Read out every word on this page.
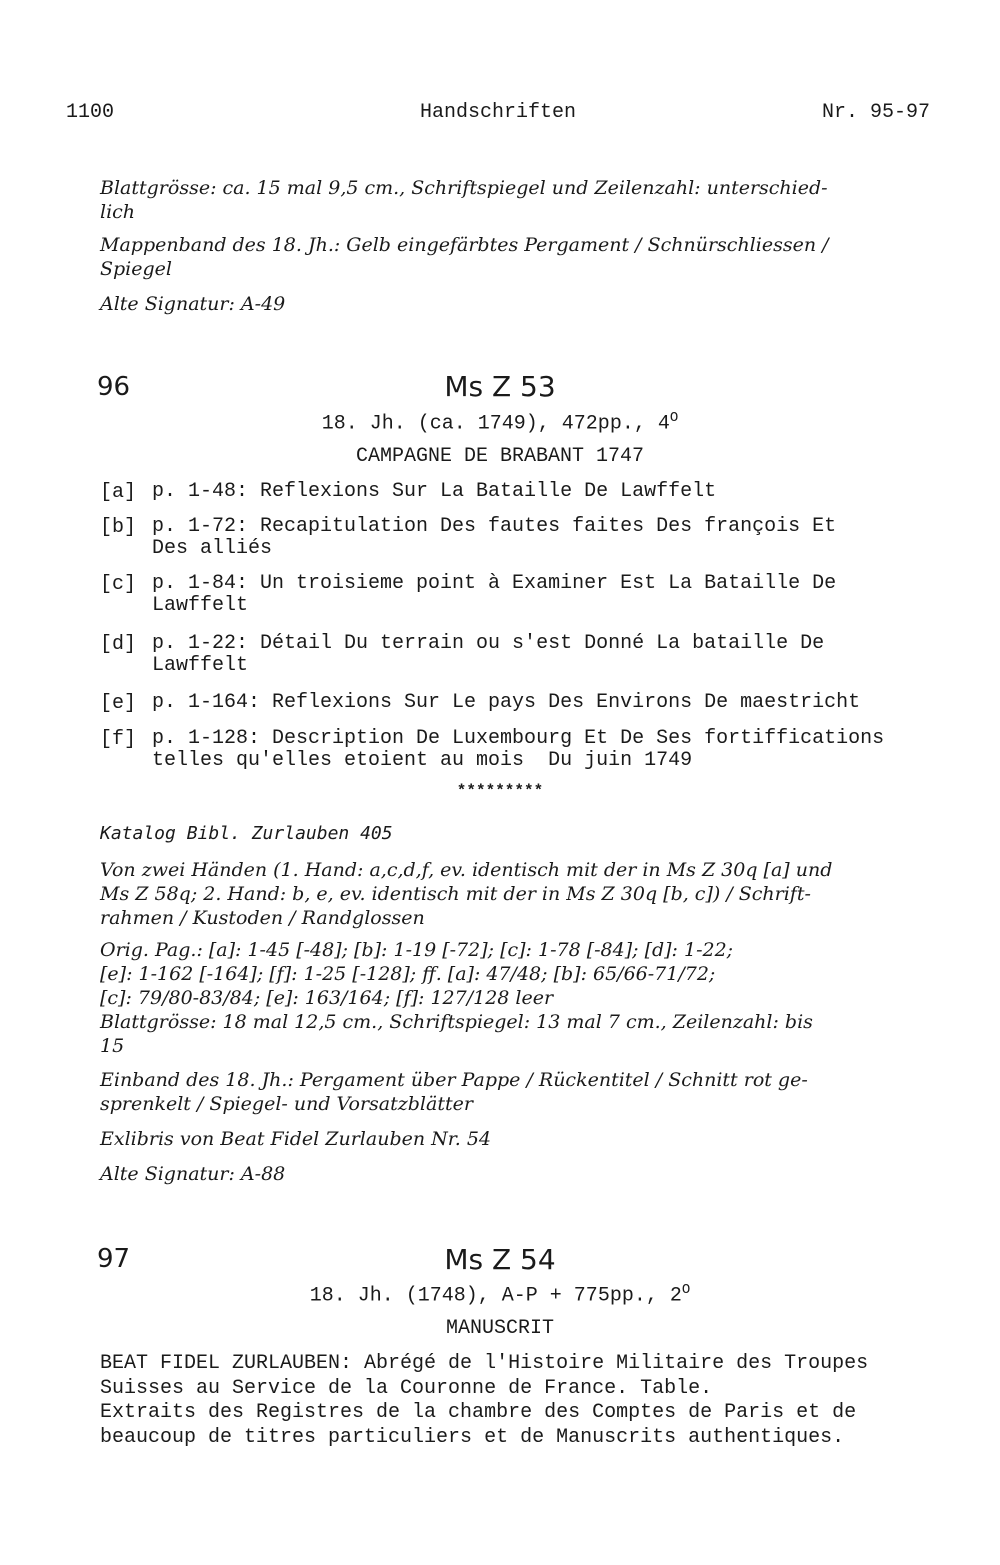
1100	Handschriften	Nr. 95-97
Blattgrösse: ca. 15 mal 9,5 cm., Schriftspiegel und Zeilenzahl: unterschied-
lich
Mappenband des 18. Jh.: Gelb eingefärbtes Pergament / Schnürschliessen /
Spiegel
Alte Signatur: A-49
96	Ms Z 53
18. Jh. (ca. 1749), 472pp., $4^O$
CAMPAGNE DE BRABANT 1747
[a] p. 1-48: Reflexions Sur La Bataille De Lawffelt
[b] p. 1-72: Recapitulation Des fautes faites Des françois Et
Des alliés
[c] p. 1-84: Un troisieme point à Examiner Est La Bataille De
Lawffelt
[d] p. 1-22: Détail Du terrain ou s'est Donné La bataille De
Lawffelt
[e] p. 1-164: Reflexions Sur Le pays Des Environs De maestricht
[f] p. 1-128: Description De Luxembourg Et De Ses fortiffications
telles qu'elles etoient au mois  Du juin 1749
*********
Katalog Bibl. Zurlauben 405
Von zwei Händen (1. Hand: a,c,d,f, ev. identisch mit der in Ms Z 30q [a] und
Ms Z 58q; 2. Hand: b, e, ev. identisch mit der in Ms Z 30q [b, c]) / Schrift-
rahmen / Kustoden / Randglossen
Orig. Pag.: [a]: 1-45 [-48]; [b]: 1-19 [-72]; [c]: 1-78 [-84]; [d]: 1-22;
[e]: 1-162 [-164]; [f]: 1-25 [-128]; ff. [a]: 47/48; [b]: 65/66-71/72;
[c]: 79/80-83/84; [e]: 163/164; [f]: 127/128 leer
Blattgrösse: 18 mal 12,5 cm., Schriftspiegel: 13 mal 7 cm., Zeilenzahl: bis
15
Einband des 18. Jh.: Pergament über Pappe / Rückentitel / Schnitt rot ge-
sprenkelt / Spiegel- und Vorsatzblätter
Exlibris von Beat Fidel Zurlauben Nr. 54
Alte Signatur: A-88
97	Ms Z 54
18. Jh. (1748), A-P + 775pp., $2^O$
MANUSCRIT
BEAT FIDEL ZURLAUBEN: Abrégé de l'Histoire Militaire des Troupes
Suisses au Service de la Couronne de France. Table.
Extraits des Registres de la chambre des Comptes de Paris et de
beaucoup de titres particuliers et de Manuscrits authentiques.
